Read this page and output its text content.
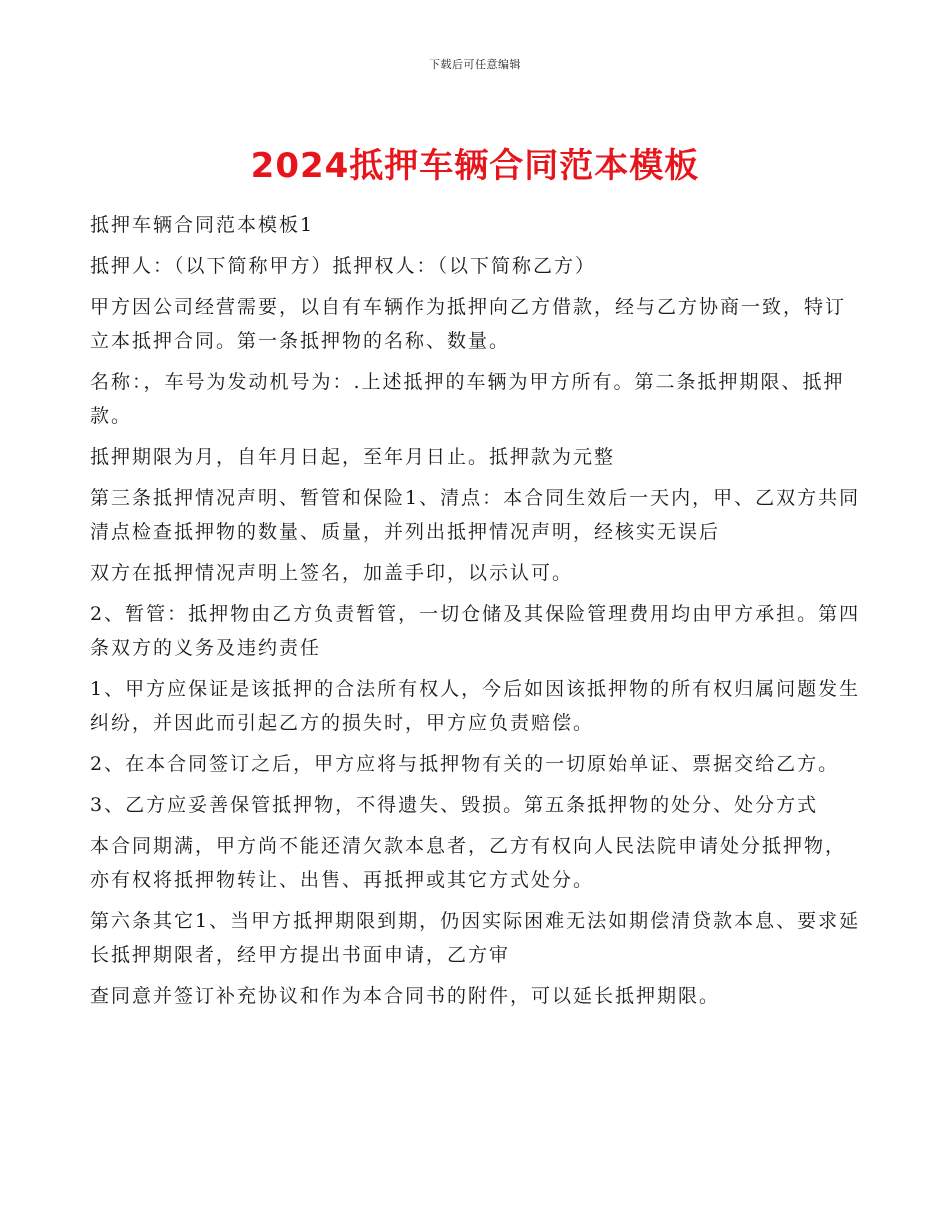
下载后可任意编辑
2024抵押车辆合同范本模板

抵押车辆合同范本模板1

抵押人：（以下简称甲方）抵押权人：（以下简称乙方）

甲方因公司经营需要，以自有车辆作为抵押向乙方借款，经与乙方协商一致，特订立本抵押合同。第一条抵押物的名称、数量。

名称：，车号为发动机号为：.上述抵押的车辆为甲方所有。第二条抵押期限、抵押款。

抵押期限为月，自年月日起，至年月日止。抵押款为元整

第三条抵押情况声明、暂管和保险1、清点：本合同生效后一天内，甲、乙双方共同清点检查抵押物的数量、质量，并列出抵押情况声明，经核实无误后

双方在抵押情况声明上签名，加盖手印，以示认可。

2、暂管：抵押物由乙方负责暂管，一切仓储及其保险管理费用均由甲方承担。第四条双方的义务及违约责任

1、甲方应保证是该抵押的合法所有权人，今后如因该抵押物的所有权归属问题发生纠纷，并因此而引起乙方的损失时，甲方应负责赔偿。

2、在本合同签订之后，甲方应将与抵押物有关的一切原始单证、票据交给乙方。

3、乙方应妥善保管抵押物，不得遗失、毁损。第五条抵押物的处分、处分方式

本合同期满，甲方尚不能还清欠款本息者，乙方有权向人民法院申请处分抵押物，亦有权将抵押物转让、出售、再抵押或其它方式处分。

第六条其它1、当甲方抵押期限到期，仍因实际困难无法如期偿清贷款本息、要求延长抵押期限者，经甲方提出书面申请，乙方审

查同意并签订补充协议和作为本合同书的附件，可以延长抵押期限。
